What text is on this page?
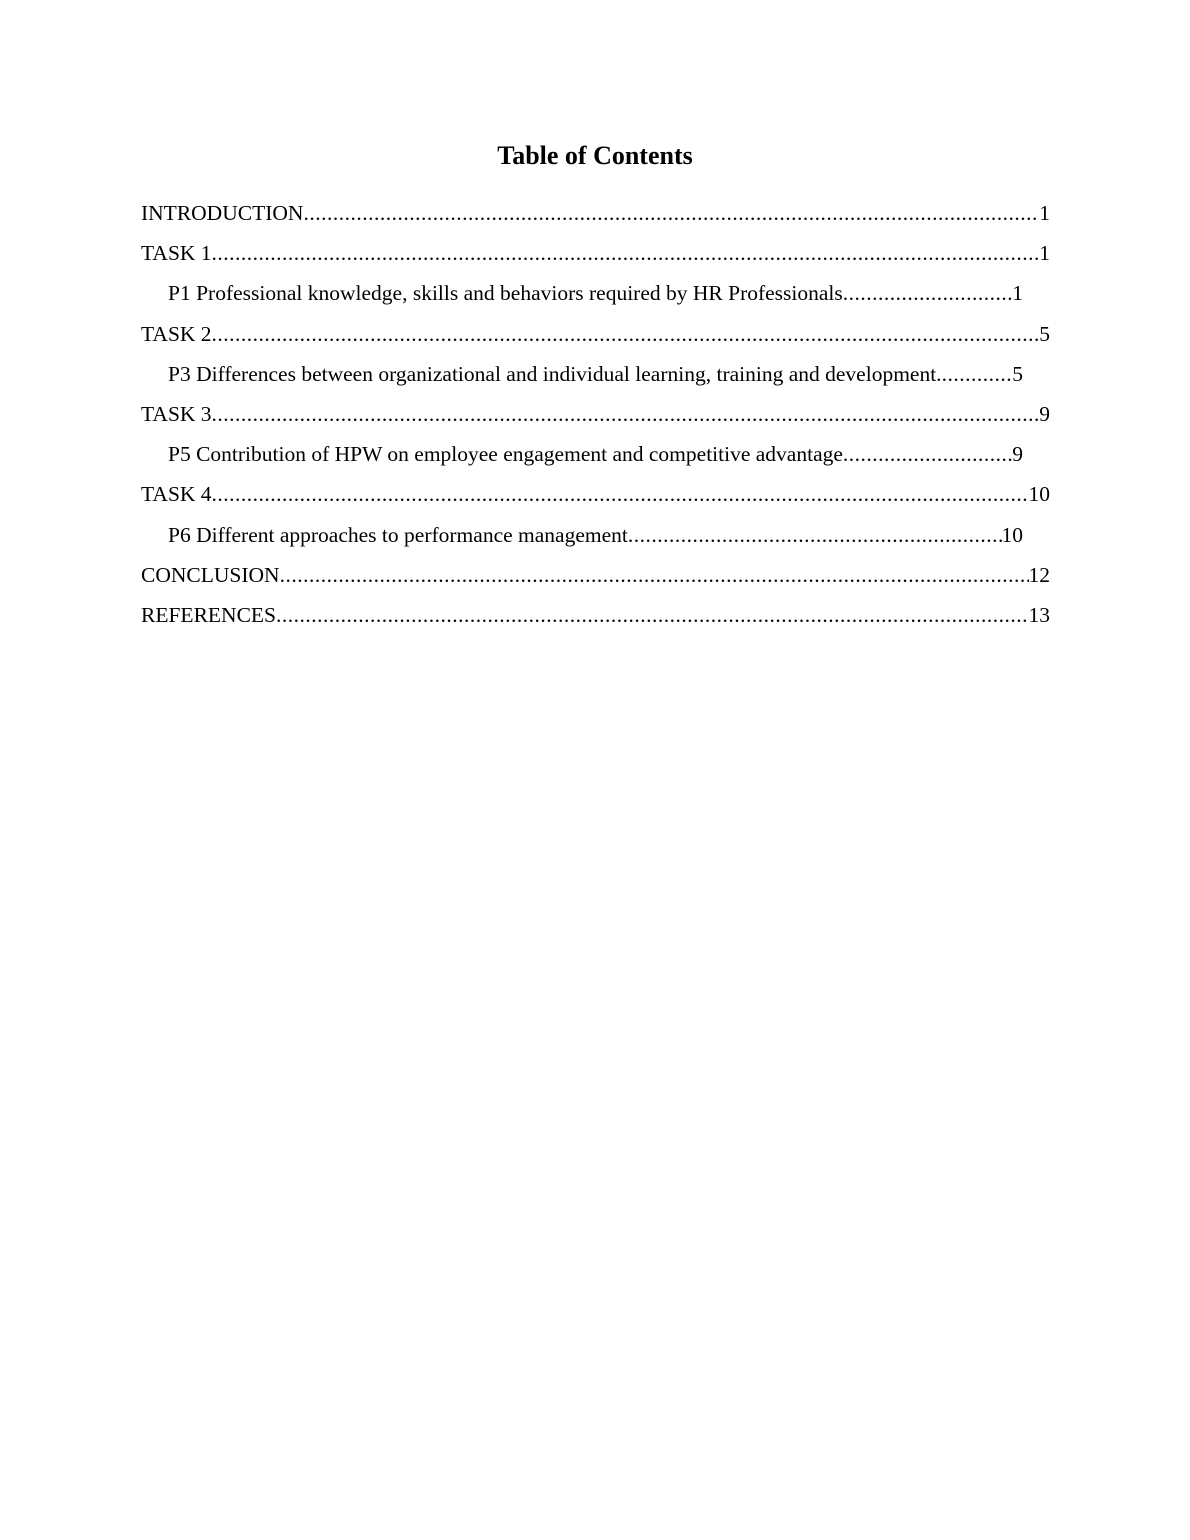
Table of Contents
INTRODUCTION .....	1
TASK 1 .....	1
P1 Professional knowledge, skills and behaviors required by HR Professionals .....	1
TASK 2 .....	5
P3 Differences between organizational and individual learning, training and development. .....	5
TASK 3 .....	9
P5 Contribution of HPW on employee engagement and competitive advantage .....	9
TASK 4 .....	10
P6 Different approaches to performance management .....	10
CONCLUSION .....	12
REFERENCES .....	13
